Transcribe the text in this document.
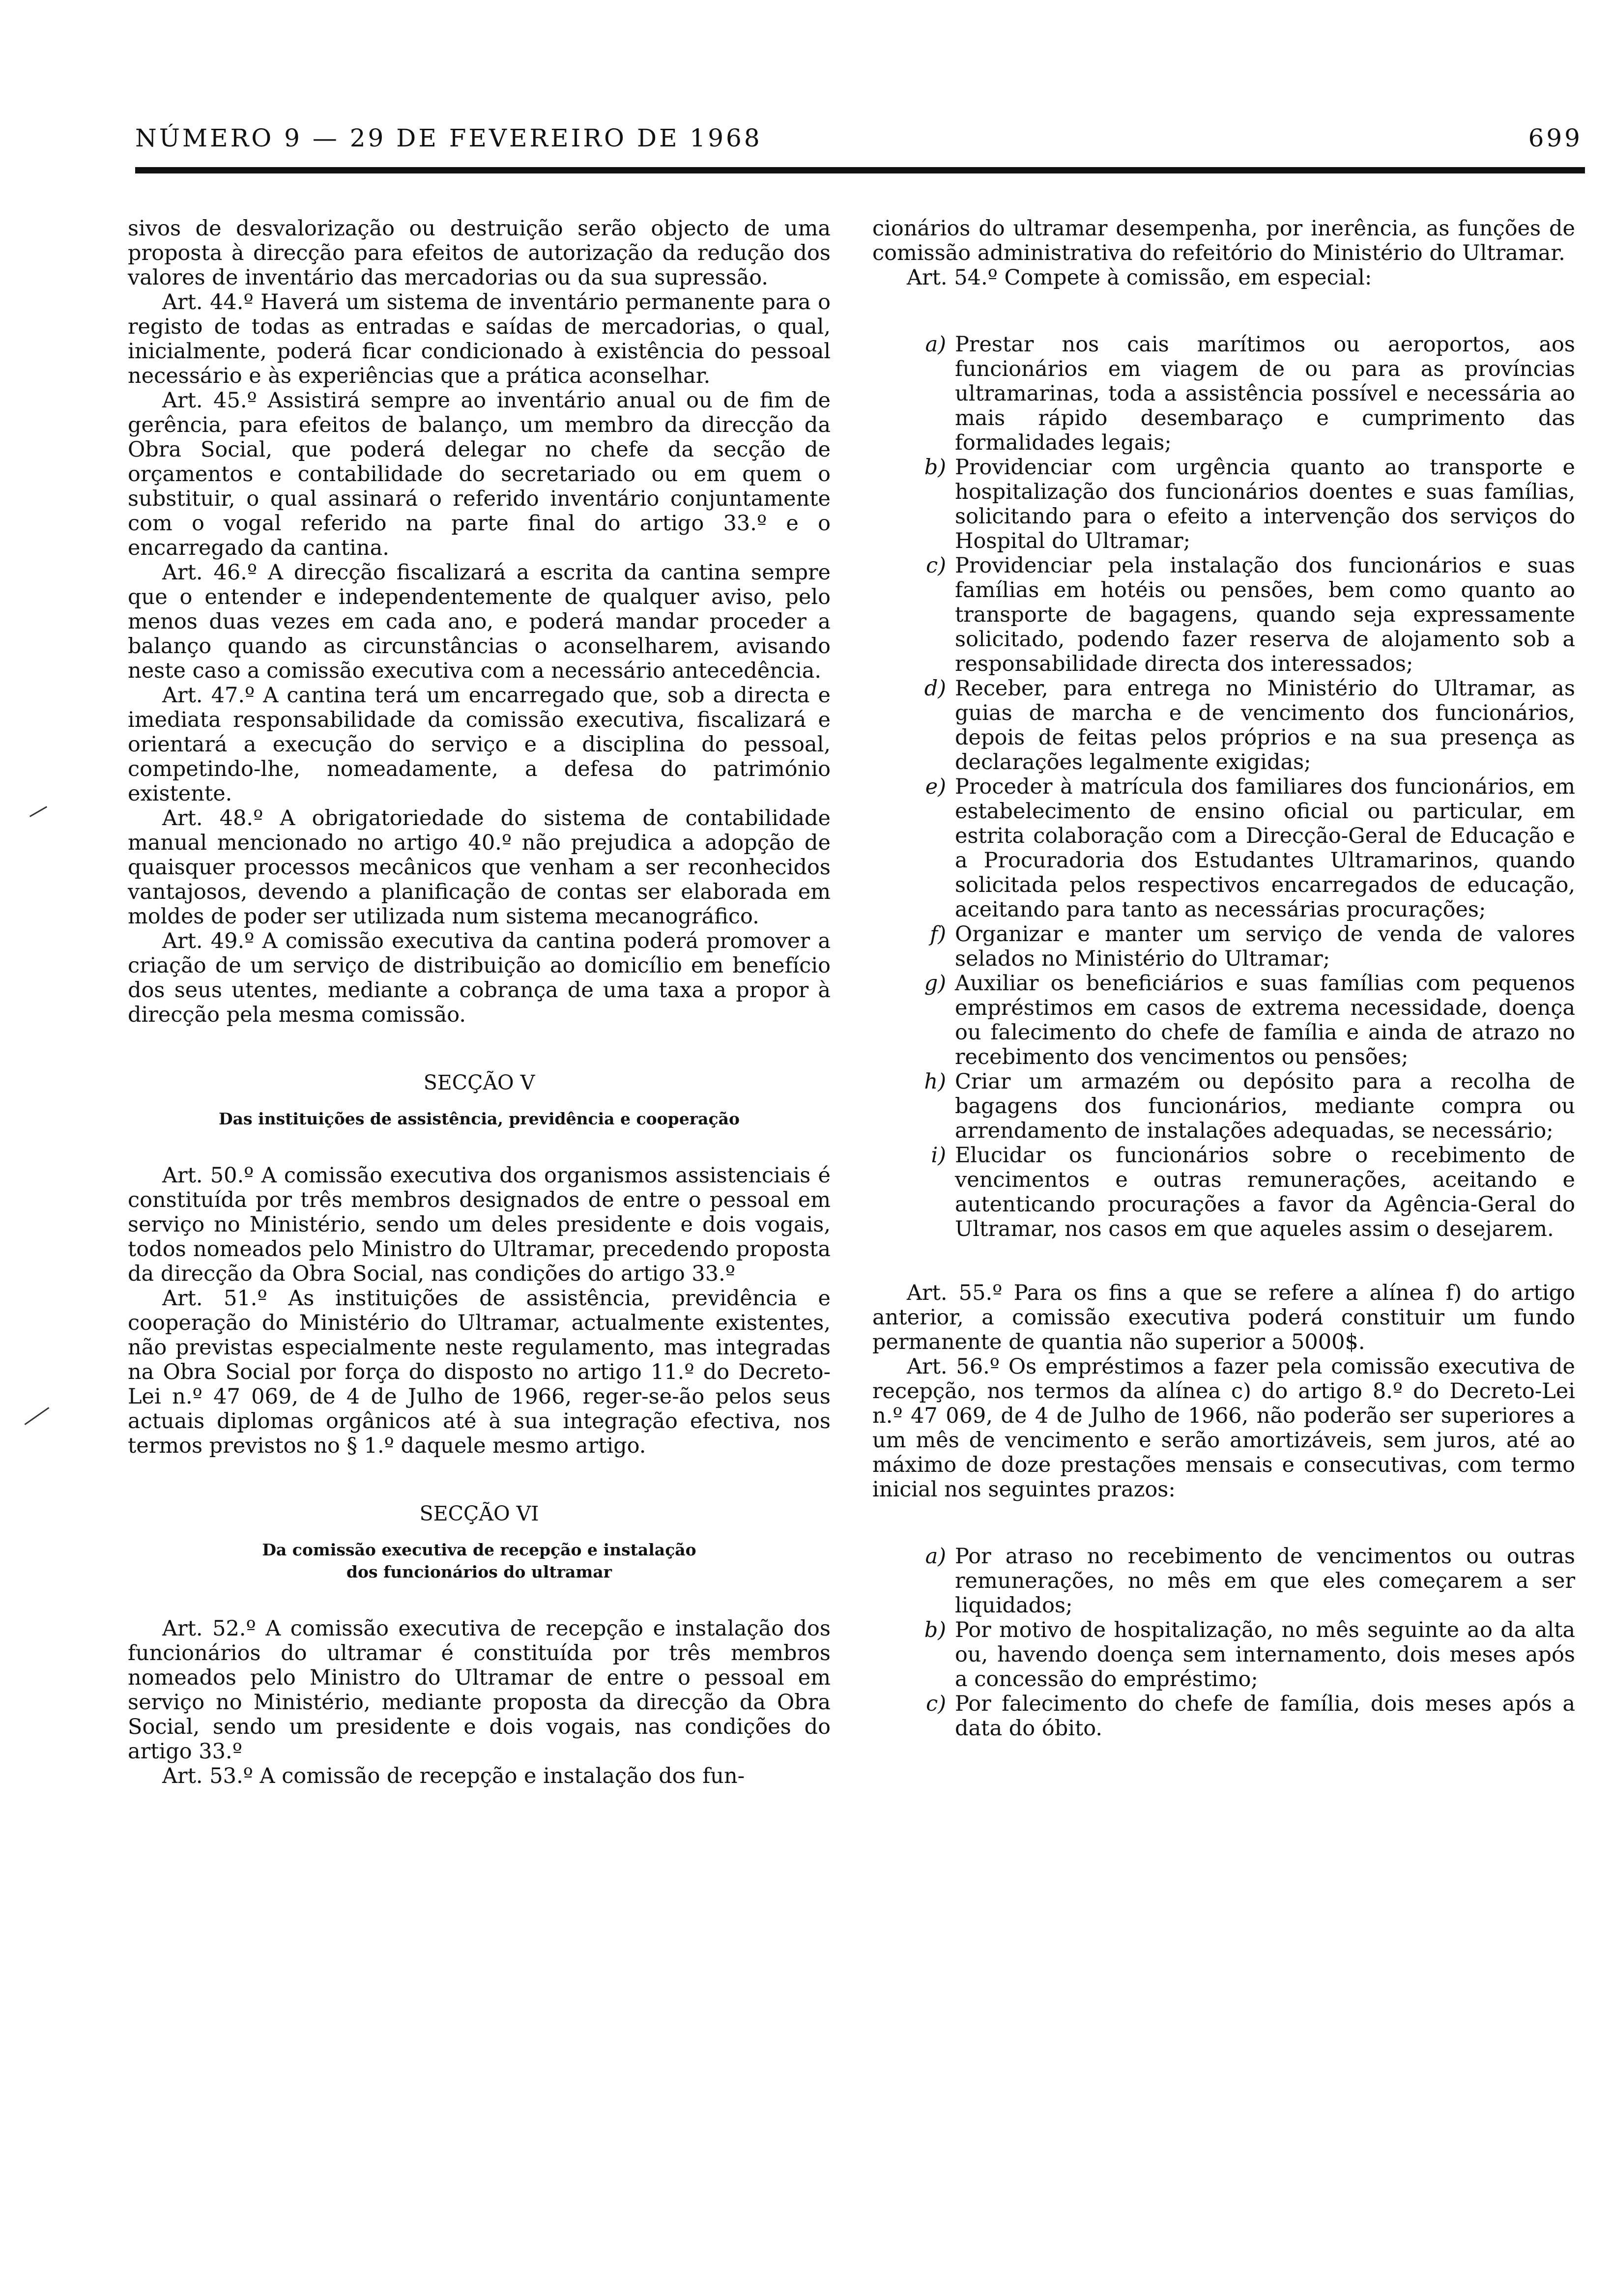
NÚMERO 9 — 29 DE FEVEREIRO DE 1968	699

sivos de desvalorização ou destruição serão objecto de uma proposta à direcção para efeitos de autorização da redução dos valores de inventário das mercadorias ou da sua supressão.

Art. 44.º Haverá um sistema de inventário permanente para o registo de todas as entradas e saídas de mercadorias, o qual, inicialmente, poderá ficar condicionado à existência do pessoal necessário e às experiências que a prática aconselhar.

Art. 45.º Assistirá sempre ao inventário anual ou de fim de gerência, para efeitos de balanço, um membro da direcção da Obra Social, que poderá delegar no chefe da secção de orçamentos e contabilidade do secretariado ou em quem o substituir, o qual assinará o referido inventário conjuntamente com o vogal referido na parte final do artigo 33.º e o encarregado da cantina.

Art. 46.º A direcção fiscalizará a escrita da cantina sempre que o entender e independentemente de qualquer aviso, pelo menos duas vezes em cada ano, e poderá mandar proceder a balanço quando as circunstâncias o aconselharem, avisando neste caso a comissão executiva com a necessário antecedência.

Art. 47.º A cantina terá um encarregado que, sob a directa e imediata responsabilidade da comissão executiva, fiscalizará e orientará a execução do serviço e a disciplina do pessoal, competindo-lhe, nomeadamente, a defesa do património existente.

Art. 48.º A obrigatoriedade do sistema de contabilidade manual mencionado no artigo 40.º não prejudica a adopção de quaisquer processos mecânicos que venham a ser reconhecidos vantajosos, devendo a planificação de contas ser elaborada em moldes de poder ser utilizada num sistema mecanográfico.

Art. 49.º A comissão executiva da cantina poderá promover a criação de um serviço de distribuição ao domicílio em benefício dos seus utentes, mediante a cobrança de uma taxa a propor à direcção pela mesma comissão.

SECÇÃO V
Das instituições de assistência, previdência e cooperação

Art. 50.º A comissão executiva dos organismos assistenciais é constituída por três membros designados de entre o pessoal em serviço no Ministério, sendo um deles presidente e dois vogais, todos nomeados pelo Ministro do Ultramar, precedendo proposta da direcção da Obra Social, nas condições do artigo 33.º

Art. 51.º As instituições de assistência, previdência e cooperação do Ministério do Ultramar, actualmente existentes, não previstas especialmente neste regulamento, mas integradas na Obra Social por força do disposto no artigo 11.º do Decreto-Lei n.º 47 069, de 4 de Julho de 1966, reger-se-ão pelos seus actuais diplomas orgânicos até à sua integração efectiva, nos termos previstos no § 1.º daquele mesmo artigo.

SECÇÃO VI
Da comissão executiva de recepção e instalação
dos funcionários do ultramar

Art. 52.º A comissão executiva de recepção e instalação dos funcionários do ultramar é constituída por três membros nomeados pelo Ministro do Ultramar de entre o pessoal em serviço no Ministério, mediante proposta da direcção da Obra Social, sendo um presidente e dois vogais, nas condições do artigo 33.º

Art. 53.º A comissão de recepção e instalação dos fun-

cionários do ultramar desempenha, por inerência, as funções de comissão administrativa do refeitório do Ministério do Ultramar.

Art. 54.º Compete à comissão, em especial:

a) Prestar nos cais marítimos ou aeroportos, aos funcionários em viagem de ou para as províncias ultramarinas, toda a assistência possível e necessária ao mais rápido desembaraço e cumprimento das formalidades legais;
b) Providenciar com urgência quanto ao transporte e hospitalização dos funcionários doentes e suas famílias, solicitando para o efeito a intervenção dos serviços do Hospital do Ultramar;
c) Providenciar pela instalação dos funcionários e suas famílias em hotéis ou pensões, bem como quanto ao transporte de bagagens, quando seja expressamente solicitado, podendo fazer reserva de alojamento sob a responsabilidade directa dos interessados;
d) Receber, para entrega no Ministério do Ultramar, as guias de marcha e de vencimento dos funcionários, depois de feitas pelos próprios e na sua presença as declarações legalmente exigidas;
e) Proceder à matrícula dos familiares dos funcionários, em estabelecimento de ensino oficial ou particular, em estrita colaboração com a Direcção-Geral de Educação e a Procuradoria dos Estudantes Ultramarinos, quando solicitada pelos respectivos encarregados de educação, aceitando para tanto as necessárias procurações;
f) Organizar e manter um serviço de venda de valores selados no Ministério do Ultramar;
g) Auxiliar os beneficiários e suas famílias com pequenos empréstimos em casos de extrema necessidade, doença ou falecimento do chefe de família e ainda de atrazo no recebimento dos vencimentos ou pensões;
h) Criar um armazém ou depósito para a recolha de bagagens dos funcionários, mediante compra ou arrendamento de instalações adequadas, se necessário;
i) Elucidar os funcionários sobre o recebimento de vencimentos e outras remunerações, aceitando e autenticando procurações a favor da Agência-Geral do Ultramar, nos casos em que aqueles assim o desejarem.

Art. 55.º Para os fins a que se refere a alínea f) do artigo anterior, a comissão executiva poderá constituir um fundo permanente de quantia não superior a 5000$.

Art. 56.º Os empréstimos a fazer pela comissão executiva de recepção, nos termos da alínea c) do artigo 8.º do Decreto-Lei n.º 47 069, de 4 de Julho de 1966, não poderão ser superiores a um mês de vencimento e serão amortizáveis, sem juros, até ao máximo de doze prestações mensais e consecutivas, com termo inicial nos seguintes prazos:

a) Por atraso no recebimento de vencimentos ou outras remunerações, no mês em que eles começarem a ser liquidados;
b) Por motivo de hospitalização, no mês seguinte ao da alta ou, havendo doença sem internamento, dois meses após a concessão do empréstimo;
c) Por falecimento do chefe de família, dois meses após a data do óbito.
